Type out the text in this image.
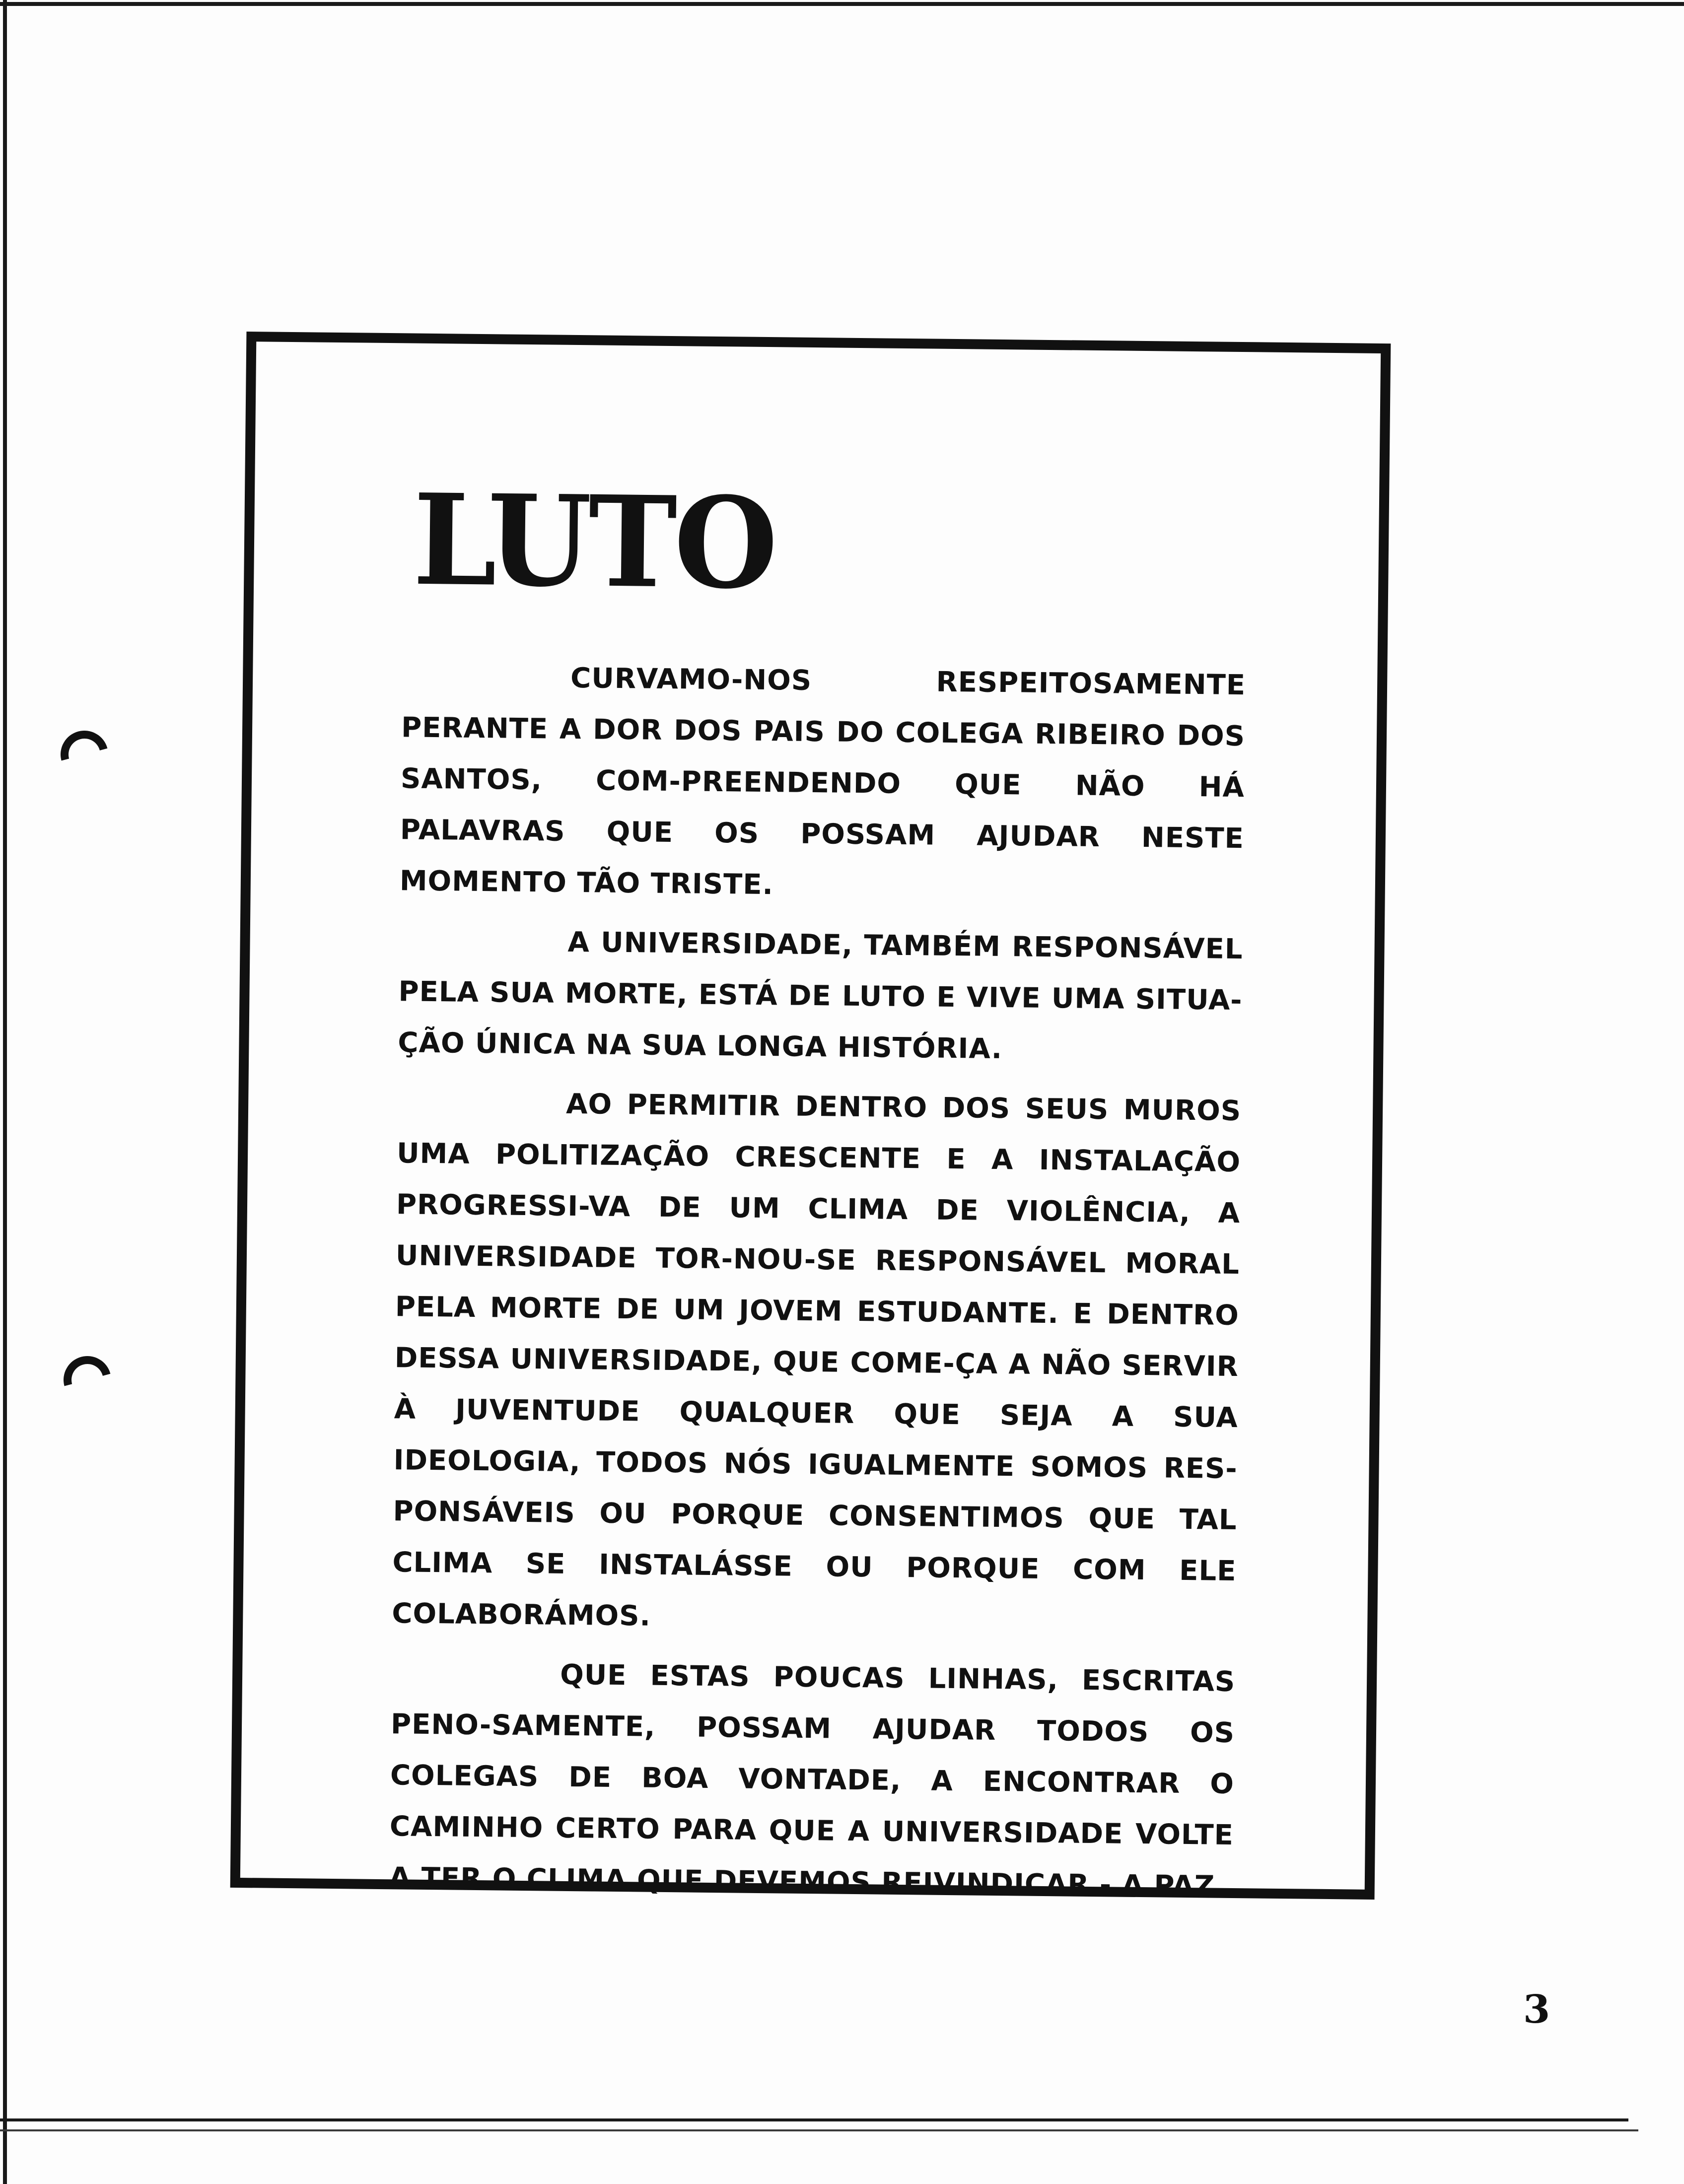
LUTO

CURVAMO-NOS RESPEITOSAMENTE PERANTE A DOR DOS PAIS DO COLEGA RIBEIRO DOS SANTOS, COM-PREENDENDO QUE NÃO HÁ PALAVRAS QUE OS POSSAM AJUDAR NESTE MOMENTO TÃO TRISTE.

A UNIVERSIDADE, TAMBÉM RESPONSÁVEL PELA SUA MORTE, ESTÁ DE LUTO E VIVE UMA SITUA-ÇÃO ÚNICA NA SUA LONGA HISTÓRIA.

AO PERMITIR DENTRO DOS SEUS MUROS UMA POLITIZAÇÃO CRESCENTE E A INSTALAÇÃO PROGRESSI-VA DE UM CLIMA DE VIOLÊNCIA, A UNIVERSIDADE TOR-NOU-SE RESPONSÁVEL MORAL PELA MORTE DE UM JOVEM ESTUDANTE. E DENTRO DESSA UNIVERSIDADE, QUE COME-ÇA A NÃO SERVIR À JUVENTUDE QUALQUER QUE SEJA A SUA IDEOLOGIA, TODOS NÓS IGUALMENTE SOMOS RES-PONSÁVEIS OU PORQUE CONSENTIMOS QUE TAL CLIMA SE INSTALÁSSE OU PORQUE COM ELE COLABORÁMOS.

QUE ESTAS POUCAS LINHAS, ESCRITAS PENO-SAMENTE, POSSAM AJUDAR TODOS OS COLEGAS DE BOA VONTADE, A ENCONTRAR O CAMINHO CERTO PARA QUE A UNIVERSIDADE VOLTE A TER O CLIMA QUE DEVEMOS REIVINDICAR - A PAZ.

3
